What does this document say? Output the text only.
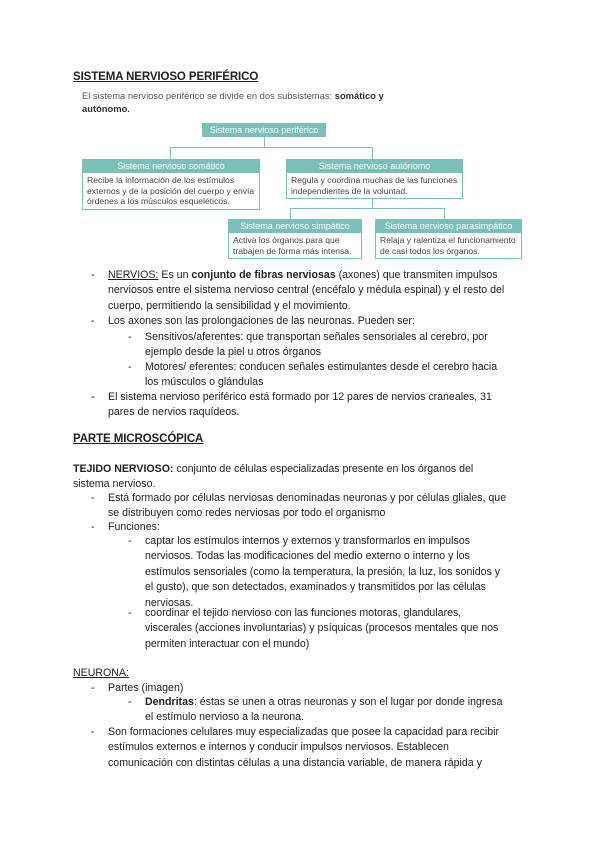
SISTEMA NERVIOSO PERIFÉRICO
El sistema nervioso periférico se divide en dos subsistemas: somático y autónomo.
Sistema nervioso periférico
Sistema nervioso somático
Recibe la información de los estímulos externos y de la posición del cuerpo y envía órdenes a los músculos esqueléticos.
Sistema nervioso autónomo
Regula y coordina muchas de las funciones independientes de la voluntad.
Sistema nervioso simpático
Activa los órganos para que trabajen de forma más intensa.
Sistema nervioso parasimpático
Relaja y ralentiza el funcionamiento de casi todos los órganos.
- NERVIOS: Es un conjunto de fibras nerviosas (axones) que transmiten impulsos
nerviosos entre el sistema nervioso central (encéfalo y médula espinal) y el resto del
cuerpo, permitiendo la sensibilidad y el movimiento.
- Los axones son las prolongaciones de las neuronas. Pueden ser:
- Sensitivos/aferentes: que transportan señales sensoriales al cerebro, por
ejemplo desde la piel u otros órganos
- Motores/ eferentes: conducen señales estimulantes desde el cerebro hacia
los músculos o glándulas
- El sistema nervioso periférico está formado por 12 pares de nervios craneales, 31
pares de nervios raquídeos.
PARTE MICROSCÓPICA
TEJIDO NERVIOSO: conjunto de células especializadas presente en los órganos del
sistema nervioso.
- Está formado por células nerviosas denominadas neuronas y por células gliales, que
se distribuyen como redes nerviosas por todo el organismo
- Funciones:
- captar los estímulos internos y externos y transformarlos en impulsos
nerviosos. Todas las modificaciones del medio externo o interno y los
estímulos sensoriales (como la temperatura, la presión, la luz, los sonidos y
el gusto), que son detectados, examinados y transmitidos por las células
nerviosas.
- coordinar el tejido nervioso con las funciones motoras, glandulares,
viscerales (acciones involuntarias) y psíquicas (procesos mentales que nos
permiten interactuar con el mundo)
NEURONA:
- Partes (imagen)
- Dendritas: éstas se unen a otras neuronas y son el lugar por donde ingresa
el estímulo nervioso a la neurona.
- Son formaciones celulares muy especializadas que posee la capacidad para recibir
estímulos externos e internos y conducir impulsos nerviosos. Establecen
comunicación con distintas células a una distancia variable, de manera rápida y
